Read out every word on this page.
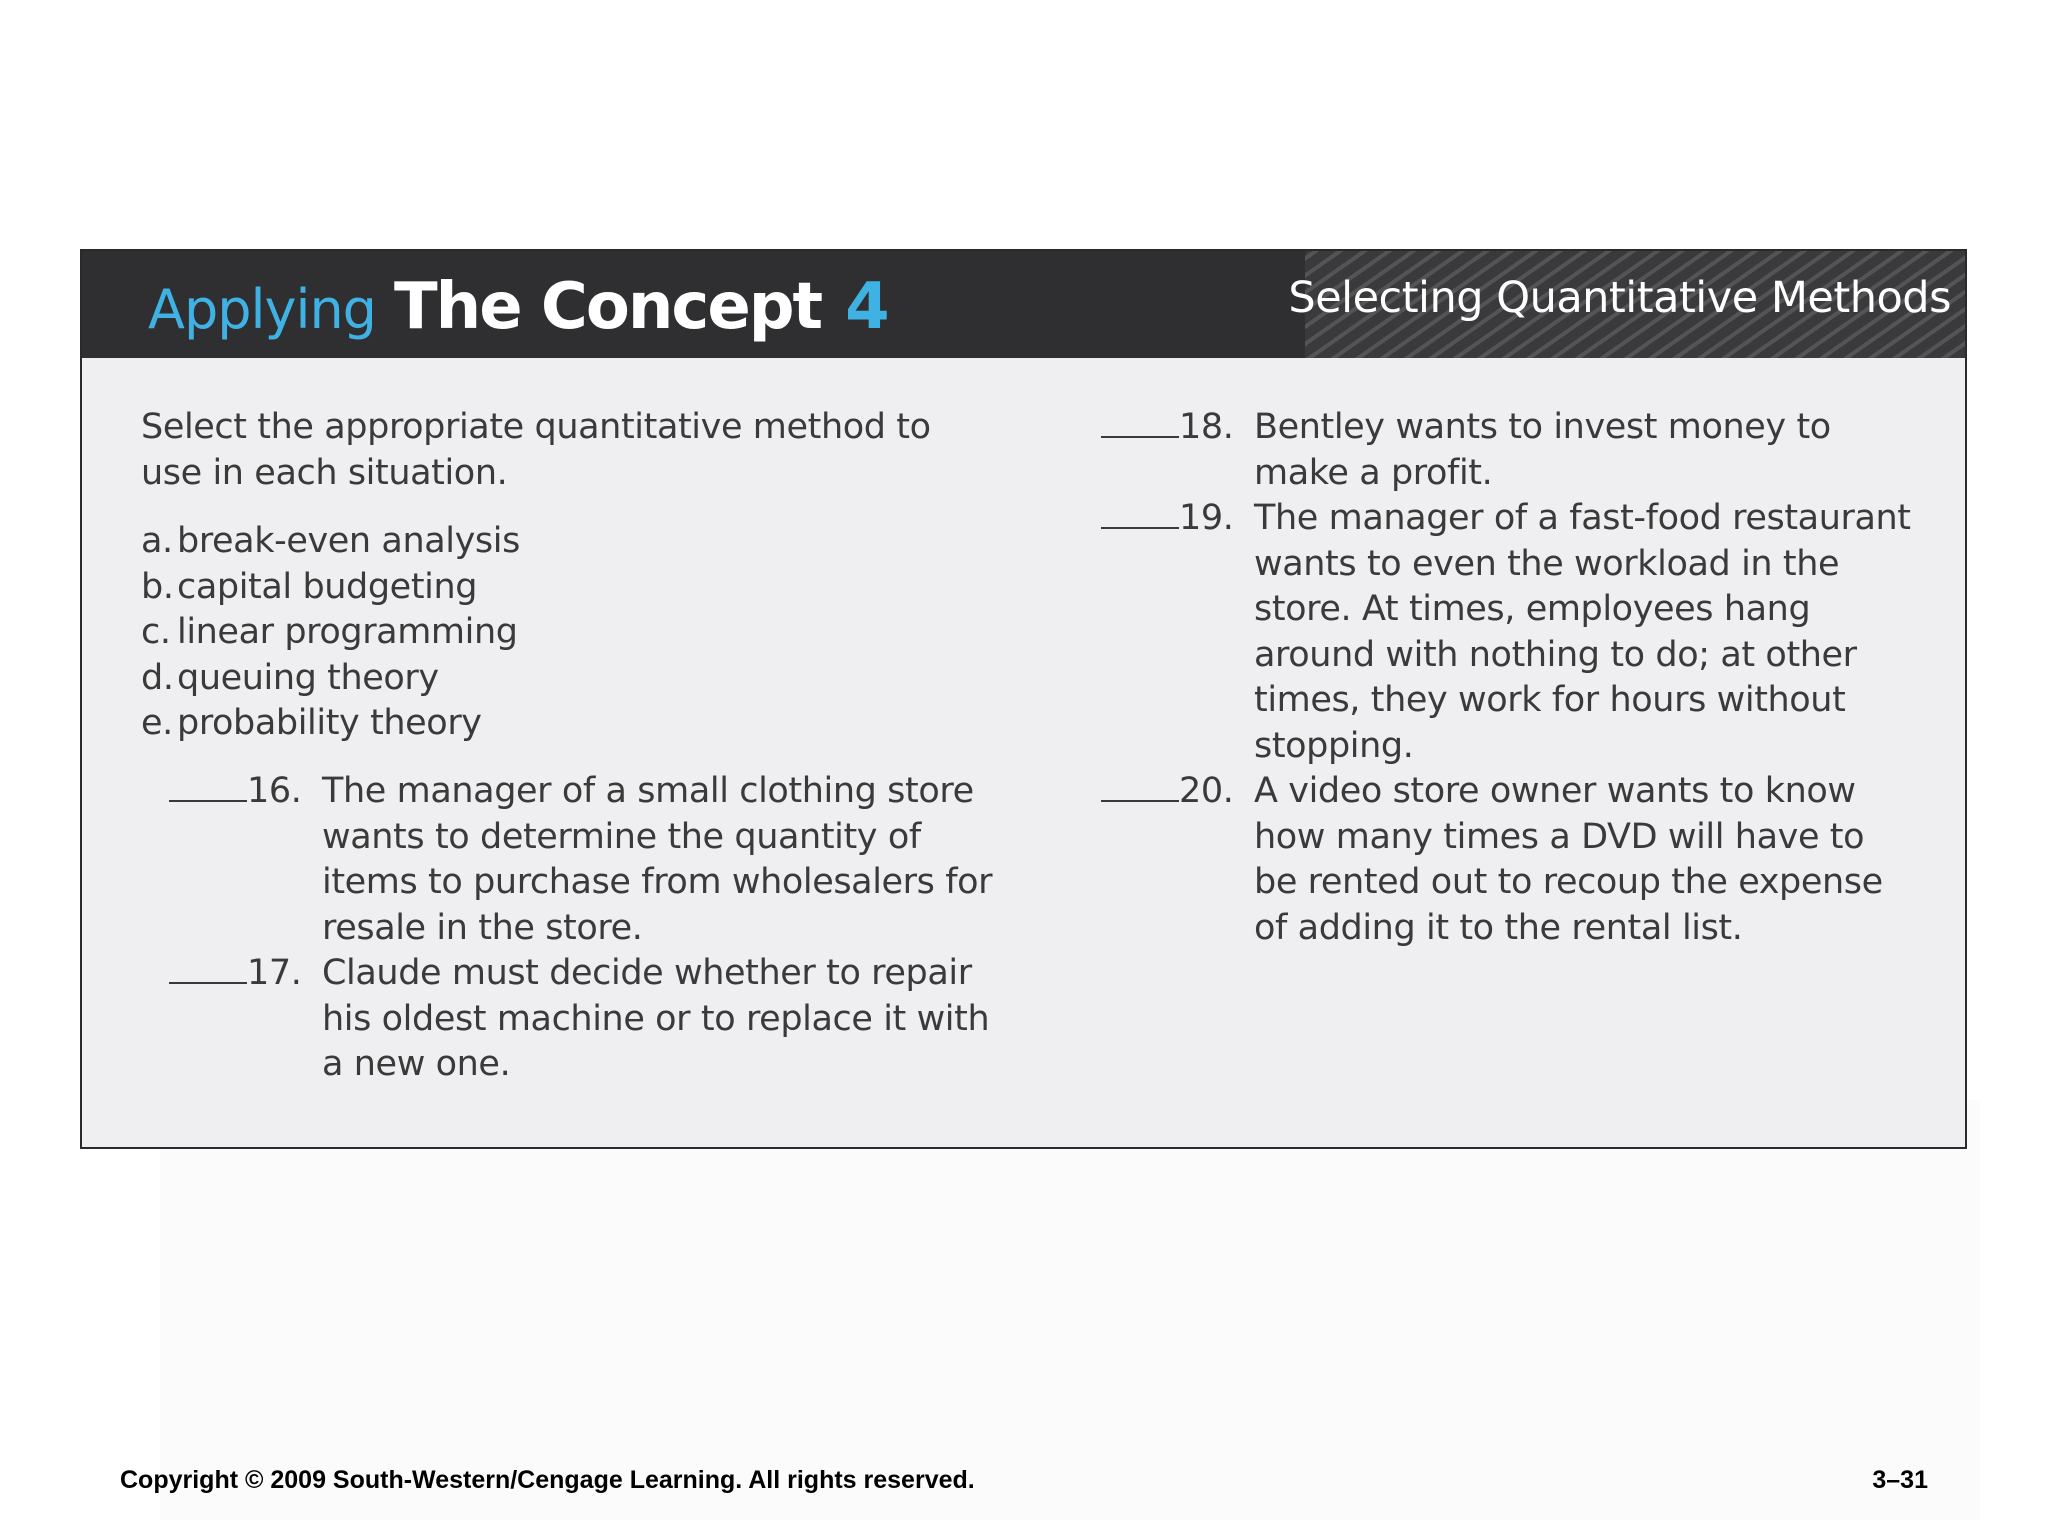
Applying The Concept 4	Selecting Quantitative Methods
Select the appropriate quantitative method to use in each situation.
a. break-even analysis
b. capital budgeting
c. linear programming
d. queuing theory
e. probability theory
16. The manager of a small clothing store wants to determine the quantity of items to purchase from wholesalers for resale in the store.
17. Claude must decide whether to repair his oldest machine or to replace it with a new one.
18. Bentley wants to invest money to make a profit.
19. The manager of a fast-food restaurant wants to even the workload in the store. At times, employees hang around with nothing to do; at other times, they work for hours without stopping.
20. A video store owner wants to know how many times a DVD will have to be rented out to recoup the expense of adding it to the rental list.
Copyright © 2009 South-Western/Cengage Learning. All rights reserved.	3–31
